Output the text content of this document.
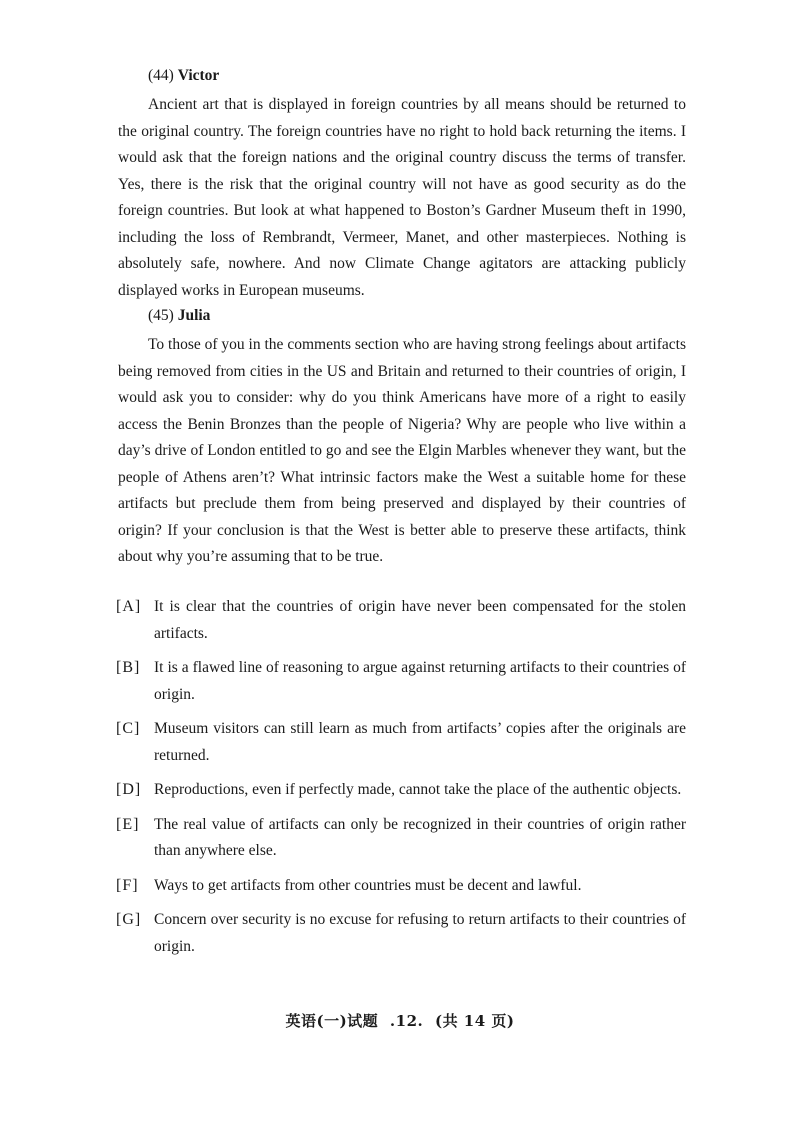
(44) Victor

Ancient art that is displayed in foreign countries by all means should be returned to the original country. The foreign countries have no right to hold back returning the items. I would ask that the foreign nations and the original country discuss the terms of transfer. Yes, there is the risk that the original country will not have as good security as do the foreign countries. But look at what happened to Boston’s Gardner Museum theft in 1990, including the loss of Rembrandt, Vermeer, Manet, and other masterpieces. Nothing is absolutely safe, nowhere. And now Climate Change agitators are attacking publicly displayed works in European museums.

(45) Julia

To those of you in the comments section who are having strong feelings about artifacts being removed from cities in the US and Britain and returned to their countries of origin, I would ask you to consider: why do you think Americans have more of a right to easily access the Benin Bronzes than the people of Nigeria? Why are people who live within a day’s drive of London entitled to go and see the Elgin Marbles whenever they want, but the people of Athens aren’t? What intrinsic factors make the West a suitable home for these artifacts but preclude them from being preserved and displayed by their countries of origin? If your conclusion is that the West is better able to preserve these artifacts, think about why you’re assuming that to be true.

[A] It is clear that the countries of origin have never been compensated for the stolen artifacts.
[B] It is a flawed line of reasoning to argue against returning artifacts to their countries of origin.
[C] Museum visitors can still learn as much from artifacts’ copies after the originals are returned.
[D] Reproductions, even if perfectly made, cannot take the place of the authentic objects.
[E] The real value of artifacts can only be recognized in their countries of origin rather than anywhere else.
[F] Ways to get artifacts from other countries must be decent and lawful.
[G] Concern over security is no excuse for refusing to return artifacts to their countries of origin.
英语(一)试题 .12. (共 14 页)
